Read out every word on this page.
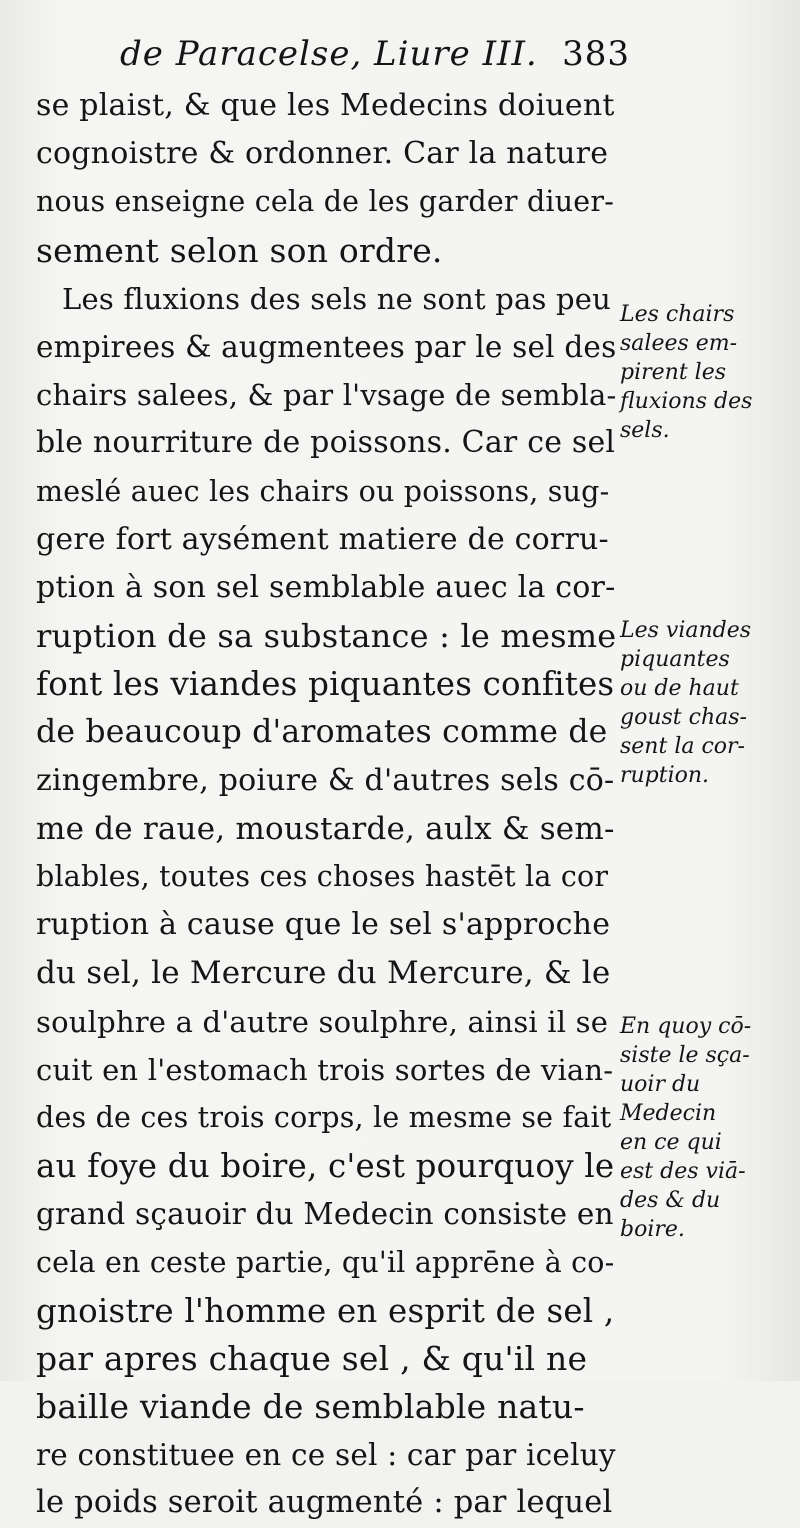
de Paracelse, Liure III. 383
se plaist, & que les Medecins doiuent
cognoistre & ordonner. Car la nature
nous enseigne cela de les garder diuer-
sement selon son ordre.
Les fluxions des sels ne sont pas peu
empirees & augmentees par le sel des
chairs salees, & par l'vsage de sembla-
ble nourriture de poissons. Car ce sel
meslé auec les chairs ou poissons, sug-
gere fort aysément matiere de corru-
ption à son sel semblable auec la cor-
ruption de sa substance : le mesme
font les viandes piquantes confites
de beaucoup d'aromates comme de
zingembre, poiure & d'autres sels cō-
me de raue, moustarde, aulx & sem-
blables, toutes ces choses hastēt la cor
ruption à cause que le sel s'approche
du sel, le Mercure du Mercure, & le
soulphre a d'autre soulphre, ainsi il se
cuit en l'estomach trois sortes de vian-
des de ces trois corps, le mesme se fait
au foye du boire, c'est pourquoy le
grand sçauoir du Medecin consiste en
cela en ceste partie, qu'il apprēne à co-
gnoistre l'homme en esprit de sel ,
par apres chaque sel , & qu'il ne
baille viande de semblable natu-
re constituee en ce sel : car par iceluy
le poids seroit augmenté : par lequel
Les chairs
salees em-
pirent les
fluxions des
sels.
Les viandes
piquantes
ou de haut
goust chas-
sent la cor-
ruption.
En quoy cō-
siste le sça-
uoir du
Medecin
en ce qui
est des viā-
des & du
boire.
